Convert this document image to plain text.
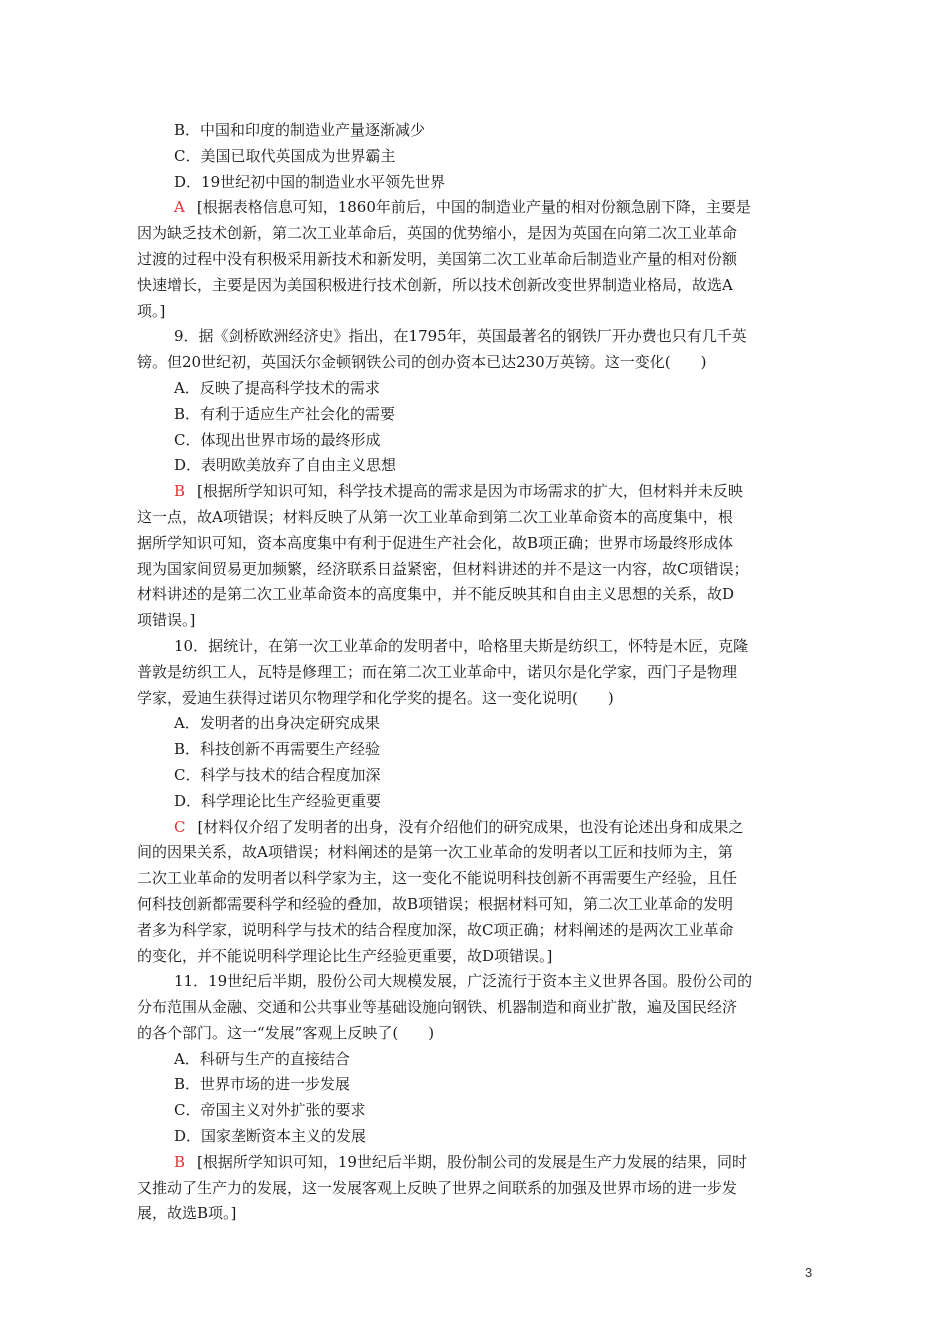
B．中国和印度的制造业产量逐渐减少
C．美国已取代英国成为世界霸主
D．19世纪初中国的制造业水平领先世界
A [根据表格信息可知，1860年前后，中国的制造业产量的相对份额急剧下降，主要是
因为缺乏技术创新，第二次工业革命后，英国的优势缩小，是因为英国在向第二次工业革命
过渡的过程中没有积极采用新技术和新发明，美国第二次工业革命后制造业产量的相对份额
快速增长，主要是因为美国积极进行技术创新，所以技术创新改变世界制造业格局，故选A
项。]
9．据《剑桥欧洲经济史》指出，在1795年，英国最著名的钢铁厂开办费也只有几千英
镑。但20世纪初，英国沃尔金顿钢铁公司的创办资本已达230万英镑。这一变化(　　)
A．反映了提高科学技术的需求
B．有利于适应生产社会化的需要
C．体现出世界市场的最终形成
D．表明欧美放弃了自由主义思想
B [根据所学知识可知，科学技术提高的需求是因为市场需求的扩大，但材料并未反映
这一点，故A项错误；材料反映了从第一次工业革命到第二次工业革命资本的高度集中，根
据所学知识可知，资本高度集中有利于促进生产社会化，故B项正确；世界市场最终形成体
现为国家间贸易更加频繁，经济联系日益紧密，但材料讲述的并不是这一内容，故C项错误；
材料讲述的是第二次工业革命资本的高度集中，并不能反映其和自由主义思想的关系，故D
项错误。]
10．据统计，在第一次工业革命的发明者中，哈格里夫斯是纺织工，怀特是木匠，克隆
普敦是纺织工人，瓦特是修理工；而在第二次工业革命中，诺贝尔是化学家，西门子是物理
学家，爱迪生获得过诺贝尔物理学和化学奖的提名。这一变化说明(　　)
A．发明者的出身决定研究成果
B．科技创新不再需要生产经验
C．科学与技术的结合程度加深
D．科学理论比生产经验更重要
C [材料仅介绍了发明者的出身，没有介绍他们的研究成果，也没有论述出身和成果之
间的因果关系，故A项错误；材料阐述的是第一次工业革命的发明者以工匠和技师为主，第
二次工业革命的发明者以科学家为主，这一变化不能说明科技创新不再需要生产经验，且任
何科技创新都需要科学和经验的叠加，故B项错误；根据材料可知，第二次工业革命的发明
者多为科学家，说明科学与技术的结合程度加深，故C项正确；材料阐述的是两次工业革命
的变化，并不能说明科学理论比生产经验更重要，故D项错误。]
11．19世纪后半期，股份公司大规模发展，广泛流行于资本主义世界各国。股份公司的
分布范围从金融、交通和公共事业等基础设施向钢铁、机器制造和商业扩散，遍及国民经济
的各个部门。这一“发展”客观上反映了(　　)
A．科研与生产的直接结合
B．世界市场的进一步发展
C．帝国主义对外扩张的要求
D．国家垄断资本主义的发展
B [根据所学知识可知，19世纪后半期，股份制公司的发展是生产力发展的结果，同时
又推动了生产力的发展，这一发展客观上反映了世界之间联系的加强及世界市场的进一步发
展，故选B项。]
3
